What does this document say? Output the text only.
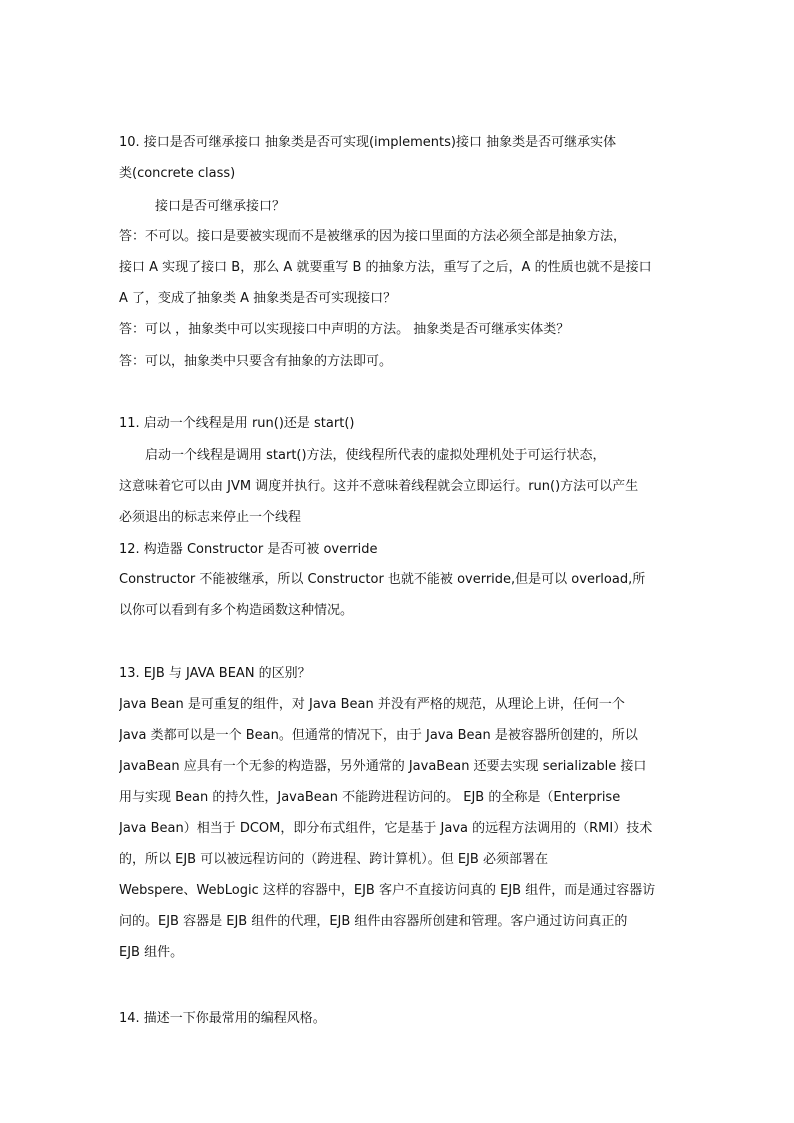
10. 接口是否可继承接口 抽象类是否可实现(implements)接口 抽象类是否可继承实体
类(concrete class)
接口是否可继承接口？
答：不可以。接口是要被实现而不是被继承的因为接口里面的方法必须全部是抽象方法，
接口 A 实现了接口 B，那么 A 就要重写 B 的抽象方法，重写了之后，A 的性质也就不是接口
A 了，变成了抽象类 A 抽象类是否可实现接口？
答：可以 ，抽象类中可以实现接口中声明的方法。 抽象类是否可继承实体类？
答：可以，抽象类中只要含有抽象的方法即可。
11. 启动一个线程是用 run()还是 start()
启动一个线程是调用 start()方法，使线程所代表的虚拟处理机处于可运行状态，
这意味着它可以由 JVM 调度并执行。这并不意味着线程就会立即运行。run()方法可以产生
必须退出的标志来停止一个线程
12. 构造器 Constructor 是否可被 override
Constructor 不能被继承，所以 Constructor 也就不能被 override,但是可以 overload,所
以你可以看到有多个构造函数这种情况。
13. EJB 与 JAVA BEAN 的区别？
Java Bean 是可重复的组件，对 Java Bean 并没有严格的规范，从理论上讲，任何一个
Java 类都可以是一个 Bean。但通常的情况下，由于 Java Bean 是被容器所创建的，所以
JavaBean 应具有一个无参的构造器，另外通常的 JavaBean 还要去实现 serializable 接口
用与实现 Bean 的持久性，JavaBean 不能跨进程访问的。 EJB 的全称是（Enterprise
Java Bean）相当于 DCOM，即分布式组件，它是基于 Java 的远程方法调用的（RMI）技术
的，所以 EJB 可以被远程访问的（跨进程、跨计算机）。但 EJB 必须部署在
Webspere、WebLogic 这样的容器中，EJB 客户不直接访问真的 EJB 组件，而是通过容器访
问的。EJB 容器是 EJB 组件的代理，EJB 组件由容器所创建和管理。客户通过访问真正的
EJB 组件。
14. 描述一下你最常用的编程风格。
